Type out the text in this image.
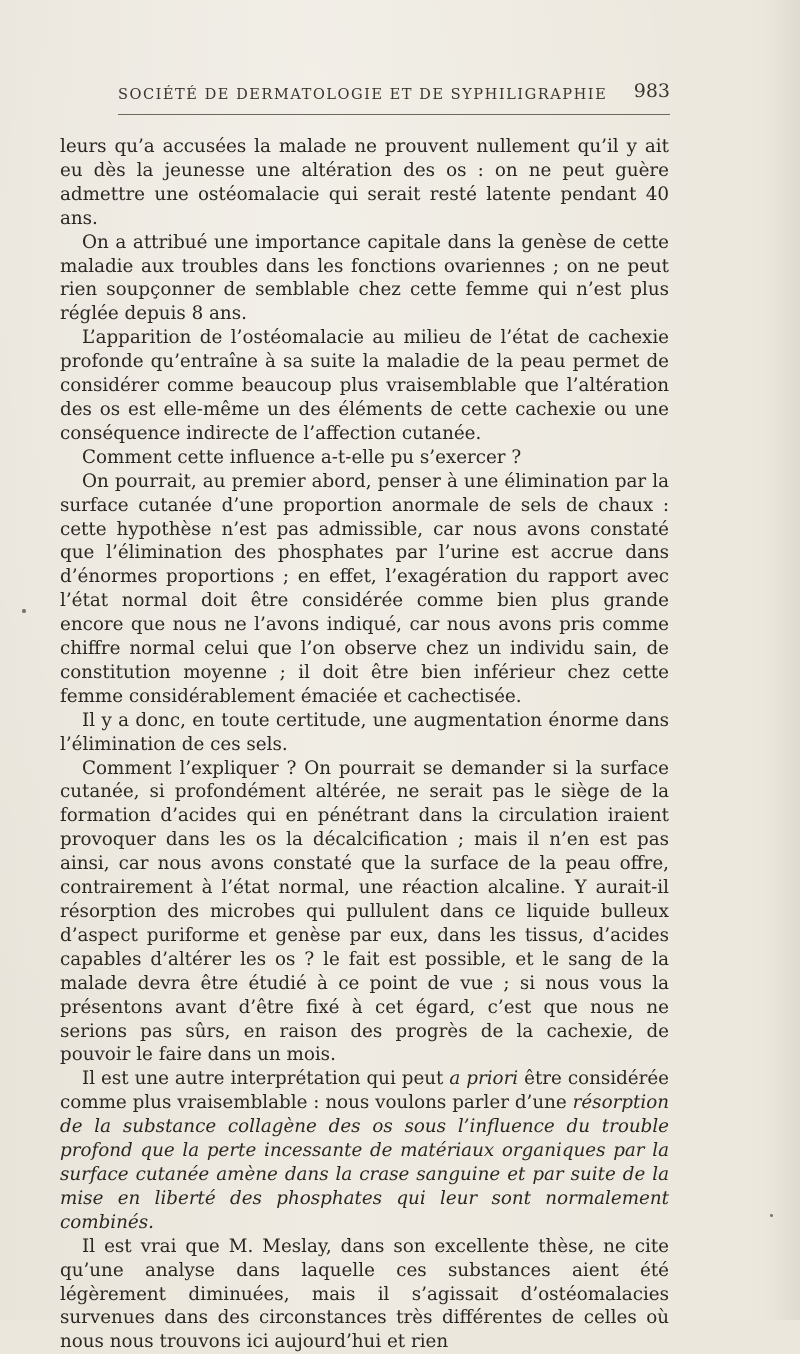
SOCIÉTÉ DE DERMATOLOGIE ET DE SYPHILIGRAPHIE 983

leurs qu’a accusées la malade ne prouvent nullement qu’il y ait eu dès la jeunesse une altération des os : on ne peut guère admettre une ostéomalacie qui serait resté latente pendant 40 ans.

On a attribué une importance capitale dans la genèse de cette maladie aux troubles dans les fonctions ovariennes ; on ne peut rien soupçonner de semblable chez cette femme qui n’est plus réglée depuis 8 ans.

L’apparition de l’ostéomalacie au milieu de l’état de cachexie profonde qu’entraîne à sa suite la maladie de la peau permet de considérer comme beaucoup plus vraisemblable que l’altération des os est elle-même un des éléments de cette cachexie ou une conséquence indirecte de l’affection cutanée.

Comment cette influence a-t-elle pu s’exercer ?

On pourrait, au premier abord, penser à une élimination par la surface cutanée d’une proportion anormale de sels de chaux : cette hypothèse n’est pas admissible, car nous avons constaté que l’élimination des phosphates par l’urine est accrue dans d’énormes proportions ; en effet, l’exagération du rapport avec l’état normal doit être considérée comme bien plus grande encore que nous ne l’avons indiqué, car nous avons pris comme chiffre normal celui que l’on observe chez un individu sain, de constitution moyenne ; il doit être bien inférieur chez cette femme considérablement émaciée et cachectisée.

Il y a donc, en toute certitude, une augmentation énorme dans l’élimination de ces sels.

Comment l’expliquer ? On pourrait se demander si la surface cutanée, si profondément altérée, ne serait pas le siège de la formation d’acides qui en pénétrant dans la circulation iraient provoquer dans les os la décalcification ; mais il n’en est pas ainsi, car nous avons constaté que la surface de la peau offre, contrairement à l’état normal, une réaction alcaline. Y aurait-il résorption des microbes qui pullulent dans ce liquide bulleux d’aspect puriforme et genèse par eux, dans les tissus, d’acides capables d’altérer les os ? le fait est possible, et le sang de la malade devra être étudié à ce point de vue ; si nous vous la présentons avant d’être fixé à cet égard, c’est que nous ne serions pas sûrs, en raison des progrès de la cachexie, de pouvoir le faire dans un mois.

Il est une autre interprétation qui peut a priori être considérée comme plus vraisemblable : nous voulons parler d’une résorption de la substance collagène des os sous l’influence du trouble profond que la perte incessante de matériaux organiques par la surface cutanée amène dans la crase sanguine et par suite de la mise en liberté des phosphates qui leur sont normalement combinés.

Il est vrai que M. Meslay, dans son excellente thèse, ne cite qu’une analyse dans laquelle ces substances aient été légèrement diminuées, mais il s’agissait d’ostéomalacies survenues dans des circonstances très différentes de celles où nous nous trouvons ici aujourd’hui et rien
